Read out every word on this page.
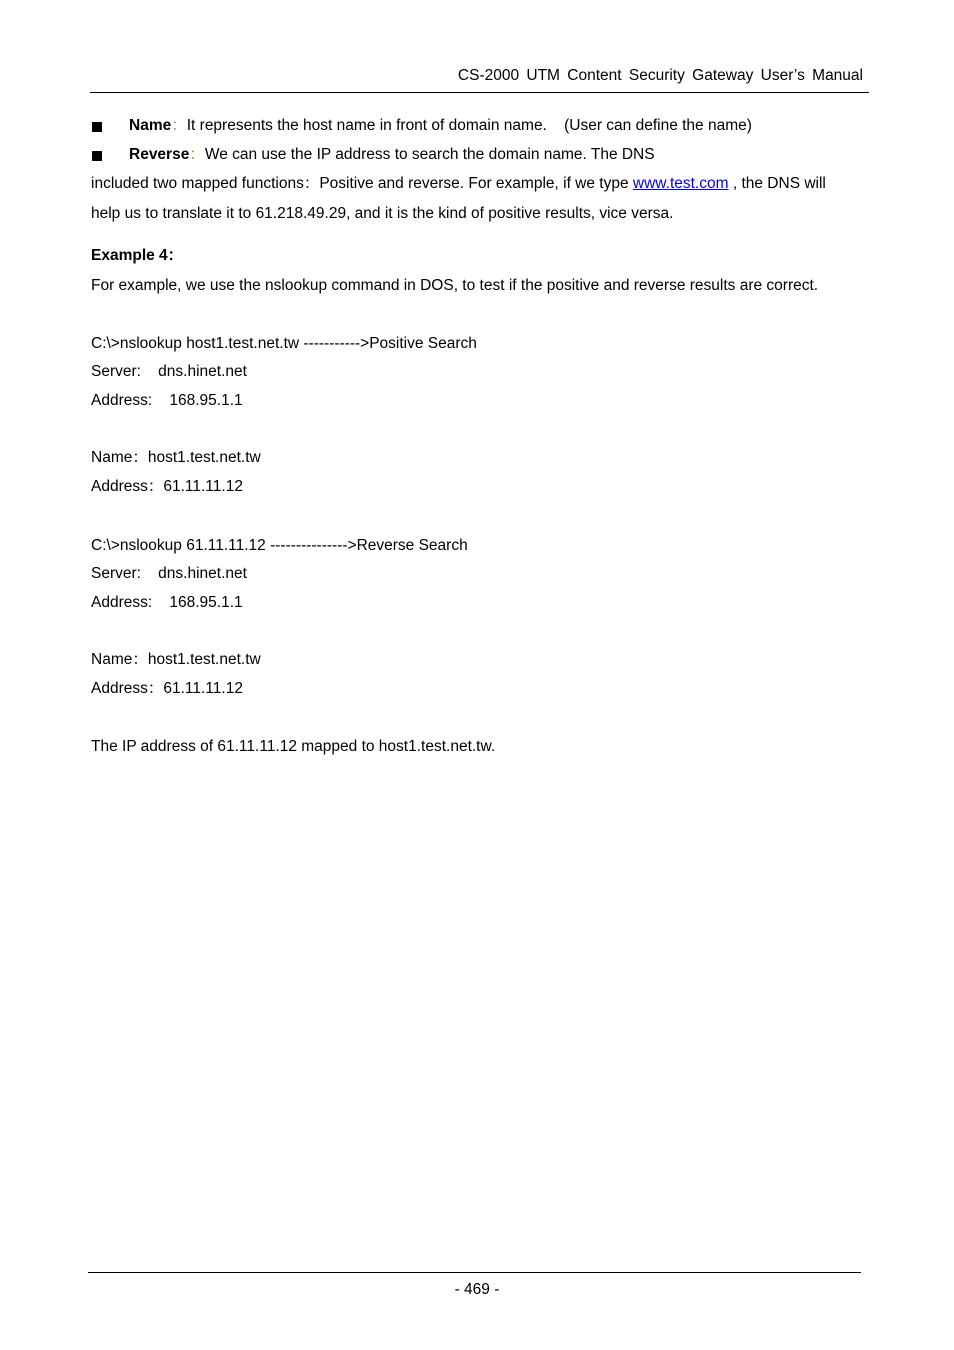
CS-2000 UTM Content Security Gateway User’s Manual
Name：It represents the host name in front of domain name.    (User can define the name)
Reverse：We can use the IP address to search the domain name. The DNS
included two mapped functions：Positive and reverse. For example, if we type www.test.com , the DNS will
help us to translate it to 61.218.49.29, and it is the kind of positive results, vice versa.
Example 4：
For example, we use the nslookup command in DOS, to test if the positive and reverse results are correct.
C:\>nslookup host1.test.net.tw ----------->Positive Search
Server:    dns.hinet.net
Address:    168.95.1.1
Name：host1.test.net.tw
Address：61.11.11.12
C:\>nslookup 61.11.11.12 --------------->Reverse Search
Server:    dns.hinet.net
Address:    168.95.1.1
Name：host1.test.net.tw
Address：61.11.11.12
The IP address of 61.11.11.12 mapped to host1.test.net.tw.
- 469 -
